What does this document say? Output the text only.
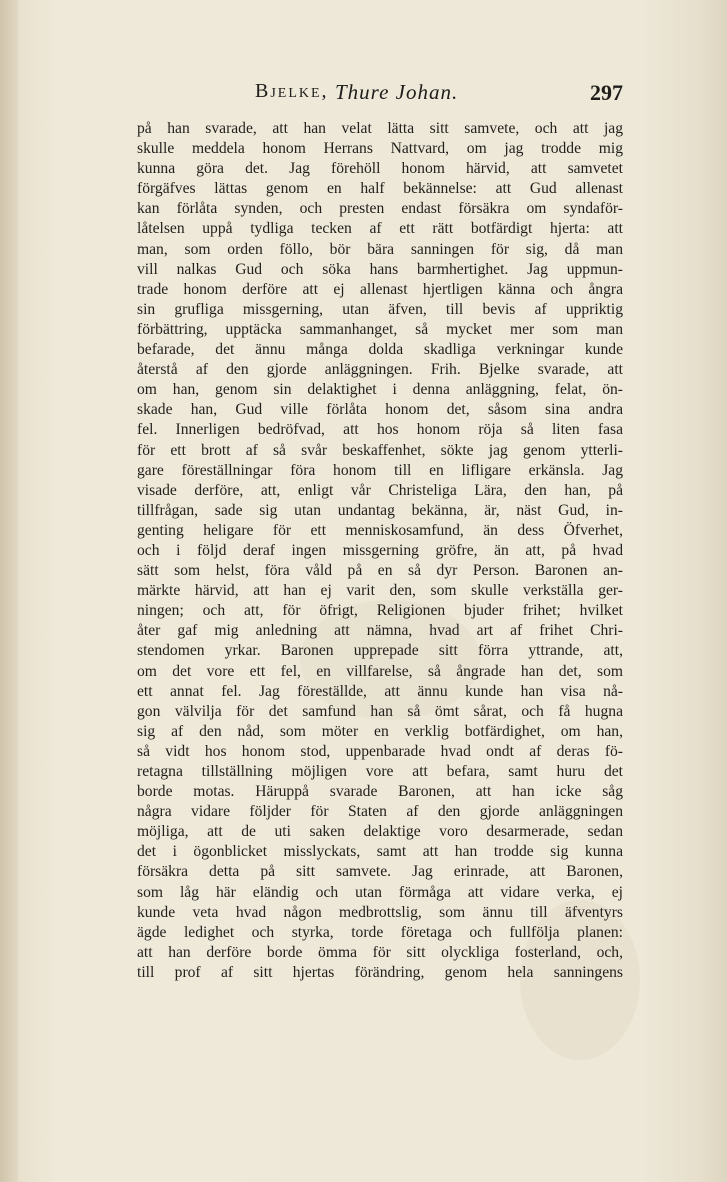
Bjelke, Thure Johan.	297
på han svarade, att han velat lätta sitt samvete, och att jag
skulle meddela honom Herrans Nattvard, om jag trodde mig
kunna göra det. Jag förehöll honom härvid, att samvetet
förgäfves lättas genom en half bekännelse: att Gud allenast
kan förlåta synden, och presten endast försäkra om syndaför-
låtelsen uppå tydliga tecken af ett rätt botfärdigt hjerta: att
man, som orden föllo, bör bära sanningen för sig, då man
vill nalkas Gud och söka hans barmhertighet. Jag uppmun-
trade honom derföre att ej allenast hjertligen känna och ångra
sin grufliga missgerning, utan äfven, till bevis af uppriktig
förbättring, upptäcka sammanhanget, så mycket mer som man
befarade, det ännu många dolda skadliga verkningar kunde
återstå af den gjorde anläggningen. Frih. Bjelke svarade, att
om han, genom sin delaktighet i denna anläggning, felat, ön-
skade han, Gud ville förlåta honom det, såsom sina andra
fel. Innerligen bedröfvad, att hos honom röja så liten fasa
för ett brott af så svår beskaffenhet, sökte jag genom ytterli-
gare föreställningar föra honom till en lifligare erkänsla. Jag
visade derföre, att, enligt vår Christeliga Lära, den han, på
tillfrågan, sade sig utan undantag bekänna, är, näst Gud, in-
genting heligare för ett menniskosamfund, än dess Öfverhet,
och i följd deraf ingen missgerning gröfre, än att, på hvad
sätt som helst, föra våld på en så dyr Person. Baronen an-
märkte härvid, att han ej varit den, som skulle verkställa ger-
ningen; och att, för öfrigt, Religionen bjuder frihet; hvilket
åter gaf mig anledning att nämna, hvad art af frihet Chri-
stendomen yrkar. Baronen upprepade sitt förra yttrande, att,
om det vore ett fel, en villfarelse, så ångrade han det, som
ett annat fel. Jag föreställde, att ännu kunde han visa nå-
gon välvilja för det samfund han så ömt sårat, och få hugna
sig af den nåd, som möter en verklig botfärdighet, om han,
så vidt hos honom stod, uppenbarade hvad ondt af deras fö-
retagna tillställning möjligen vore att befara, samt huru det
borde motas. Häruppå svarade Baronen, att han icke såg
några vidare följder för Staten af den gjorde anläggningen
möjliga, att de uti saken delaktige voro desarmerade, sedan
det i ögonblicket misslyckats, samt att han trodde sig kunna
försäkra detta på sitt samvete. Jag erinrade, att Baronen,
som låg här eländig och utan förmåga att vidare verka, ej
kunde veta hvad någon medbrottslig, som ännu till äfventyrs
ägde ledighet och styrka, torde företaga och fullfölja planen:
att han derföre borde ömma för sitt olyckliga fosterland, och,
till prof af sitt hjertas förändring, genom hela sanningens
